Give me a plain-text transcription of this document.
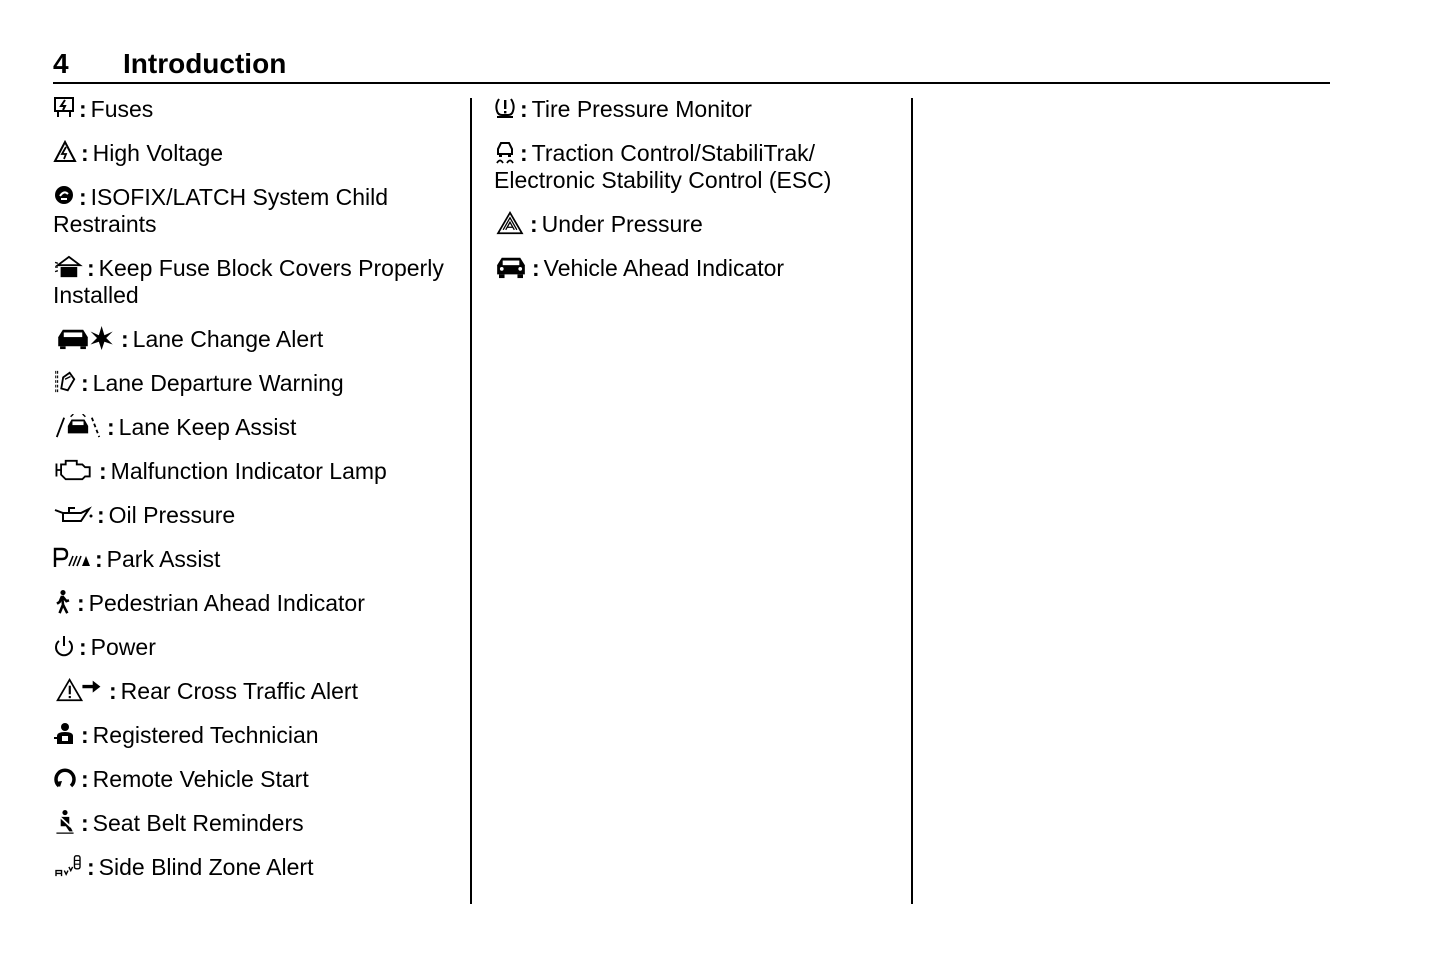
4 Introduction
: Fuses
: High Voltage
: ISOFIX/LATCH System Child Restraints
: Keep Fuse Block Covers Properly Installed
: Lane Change Alert
: Lane Departure Warning
: Lane Keep Assist
: Malfunction Indicator Lamp
: Oil Pressure
: Park Assist
: Pedestrian Ahead Indicator
: Power
: Rear Cross Traffic Alert
: Registered Technician
: Remote Vehicle Start
: Seat Belt Reminders
: Side Blind Zone Alert
: Tire Pressure Monitor
: Traction Control/StabiliTrak/ Electronic Stability Control (ESC)
: Under Pressure
: Vehicle Ahead Indicator
